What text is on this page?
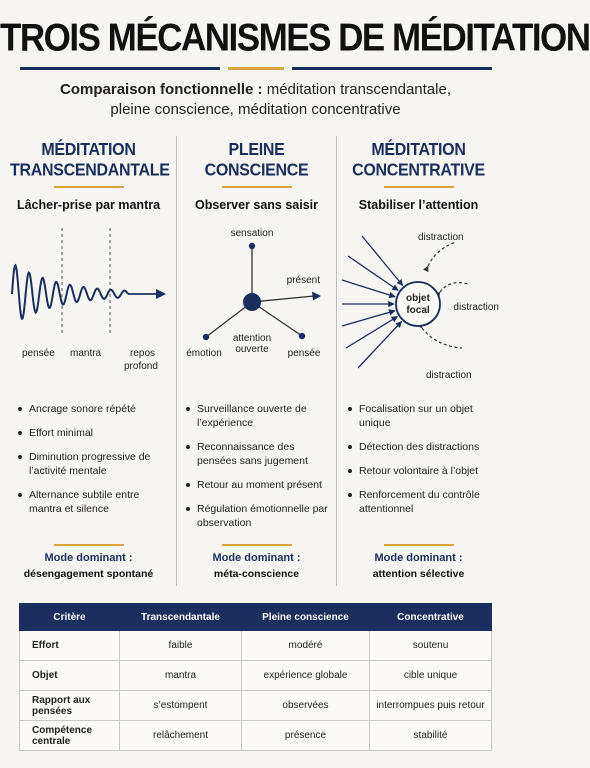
TROIS MÉCANISMES DE MÉDITATION
Comparaison fonctionnelle : méditation transcendantale,
pleine conscience, méditation concentrative
MÉDITATION
TRANSCENDANTALE
Lâcher-prise par mantra
pensée mantra	repos
profond
Ancrage sonore répété
Effort minimal
Diminution progressive de l’activité mentale
Alternance subtile entre mantra et silence
Mode dominant :
désengagement spontané
PLEINE
CONSCIENCE
Observer sans saisir
sensation
présent
émotion
attention
ouverte pensée
Surveillance ouverte de l’expérience
Reconnaissance des pensées sans jugement
Retour au moment présent
Régulation émotionnelle par observation
Mode dominant :
méta-conscience
MÉDITATION
CONCENTRATIVE
Stabiliser l’attention
objet
focal
distraction
distraction
distraction
Focalisation sur un objet unique
Détection des distractions
Retour volontaire à l’objet
Renforcement du contrôle attentionnel
Mode dominant :
attention sélective
Critère	Transcendantale	Pleine conscience	Concentrative
Effort	faible	modéré	soutenu
Objet	mantra	expérience globale	cible unique
Rapport aux pensées	s’estompent	observées	interrompues puis retour
Compétence centrale	relâchement	présence	stabilité
